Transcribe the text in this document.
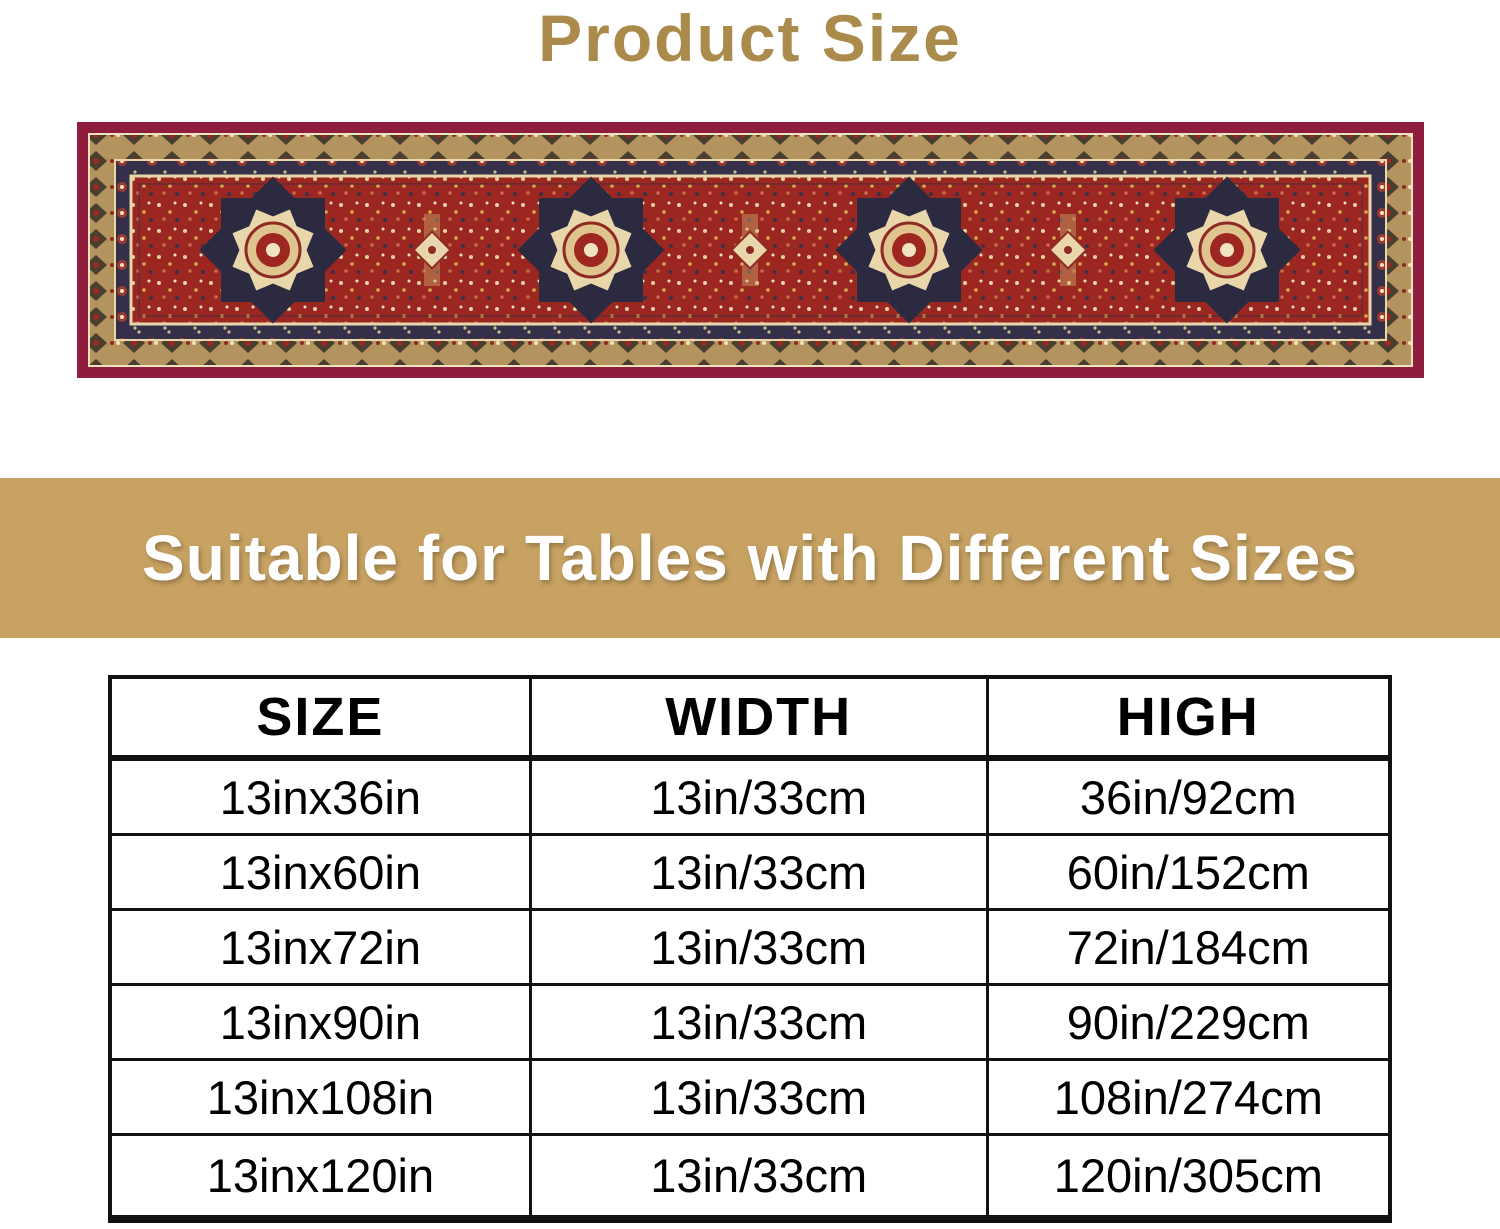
Product Size
Suitable for Tables with Different Sizes
SIZE	WIDTH	HIGH
13inx36in	13in/33cm	36in/92cm
13inx60in	13in/33cm	60in/152cm
13inx72in	13in/33cm	72in/184cm
13inx90in	13in/33cm	90in/229cm
13inx108in	13in/33cm	108in/274cm
13inx120in	13in/33cm	120in/305cm
